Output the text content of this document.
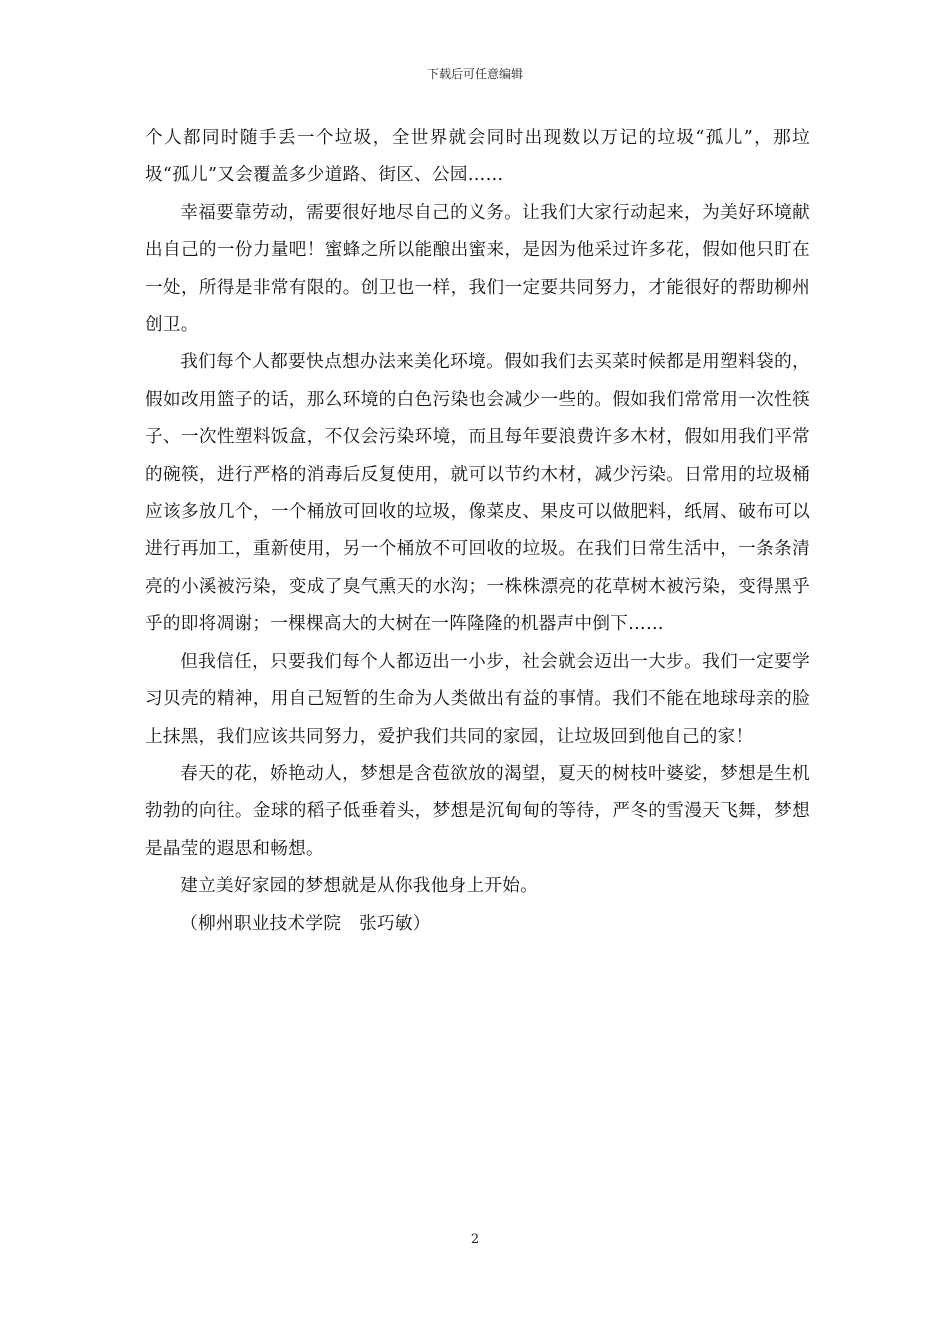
下载后可任意编辑

个人都同时随手丢一个垃圾，全世界就会同时出现数以万记的垃圾“孤儿”，那垃圾“孤儿”又会覆盖多少道路、街区、公园……

幸福要靠劳动，需要很好地尽自己的义务。让我们大家行动起来，为美好环境献出自己的一份力量吧！蜜蜂之所以能酿出蜜来，是因为他采过许多花，假如他只盯在一处，所得是非常有限的。创卫也一样，我们一定要共同努力，才能很好的帮助柳州创卫。

我们每个人都要快点想办法来美化环境。假如我们去买菜时候都是用塑料袋的，假如改用篮子的话，那么环境的白色污染也会减少一些的。假如我们常常用一次性筷子、一次性塑料饭盒，不仅会污染环境，而且每年要浪费许多木材，假如用我们平常的碗筷，进行严格的消毒后反复使用，就可以节约木材，减少污染。日常用的垃圾桶应该多放几个，一个桶放可回收的垃圾，像菜皮、果皮可以做肥料，纸屑、破布可以进行再加工，重新使用，另一个桶放不可回收的垃圾。在我们日常生活中，一条条清亮的小溪被污染，变成了臭气熏天的水沟；一株株漂亮的花草树木被污染，变得黑乎乎的即将凋谢；一棵棵高大的大树在一阵隆隆的机器声中倒下……

但我信任，只要我们每个人都迈出一小步，社会就会迈出一大步。我们一定要学习贝壳的精神，用自己短暂的生命为人类做出有益的事情。我们不能在地球母亲的脸上抹黑，我们应该共同努力，爱护我们共同的家园，让垃圾回到他自己的家！

春天的花，娇艳动人，梦想是含苞欲放的渴望，夏天的树枝叶婆娑，梦想是生机勃勃的向往。金球的稻子低垂着头，梦想是沉甸甸的等待，严冬的雪漫天飞舞，梦想是晶莹的遐思和畅想。

建立美好家园的梦想就是从你我他身上开始。

（柳州职业技术学院　张巧敏）

2
